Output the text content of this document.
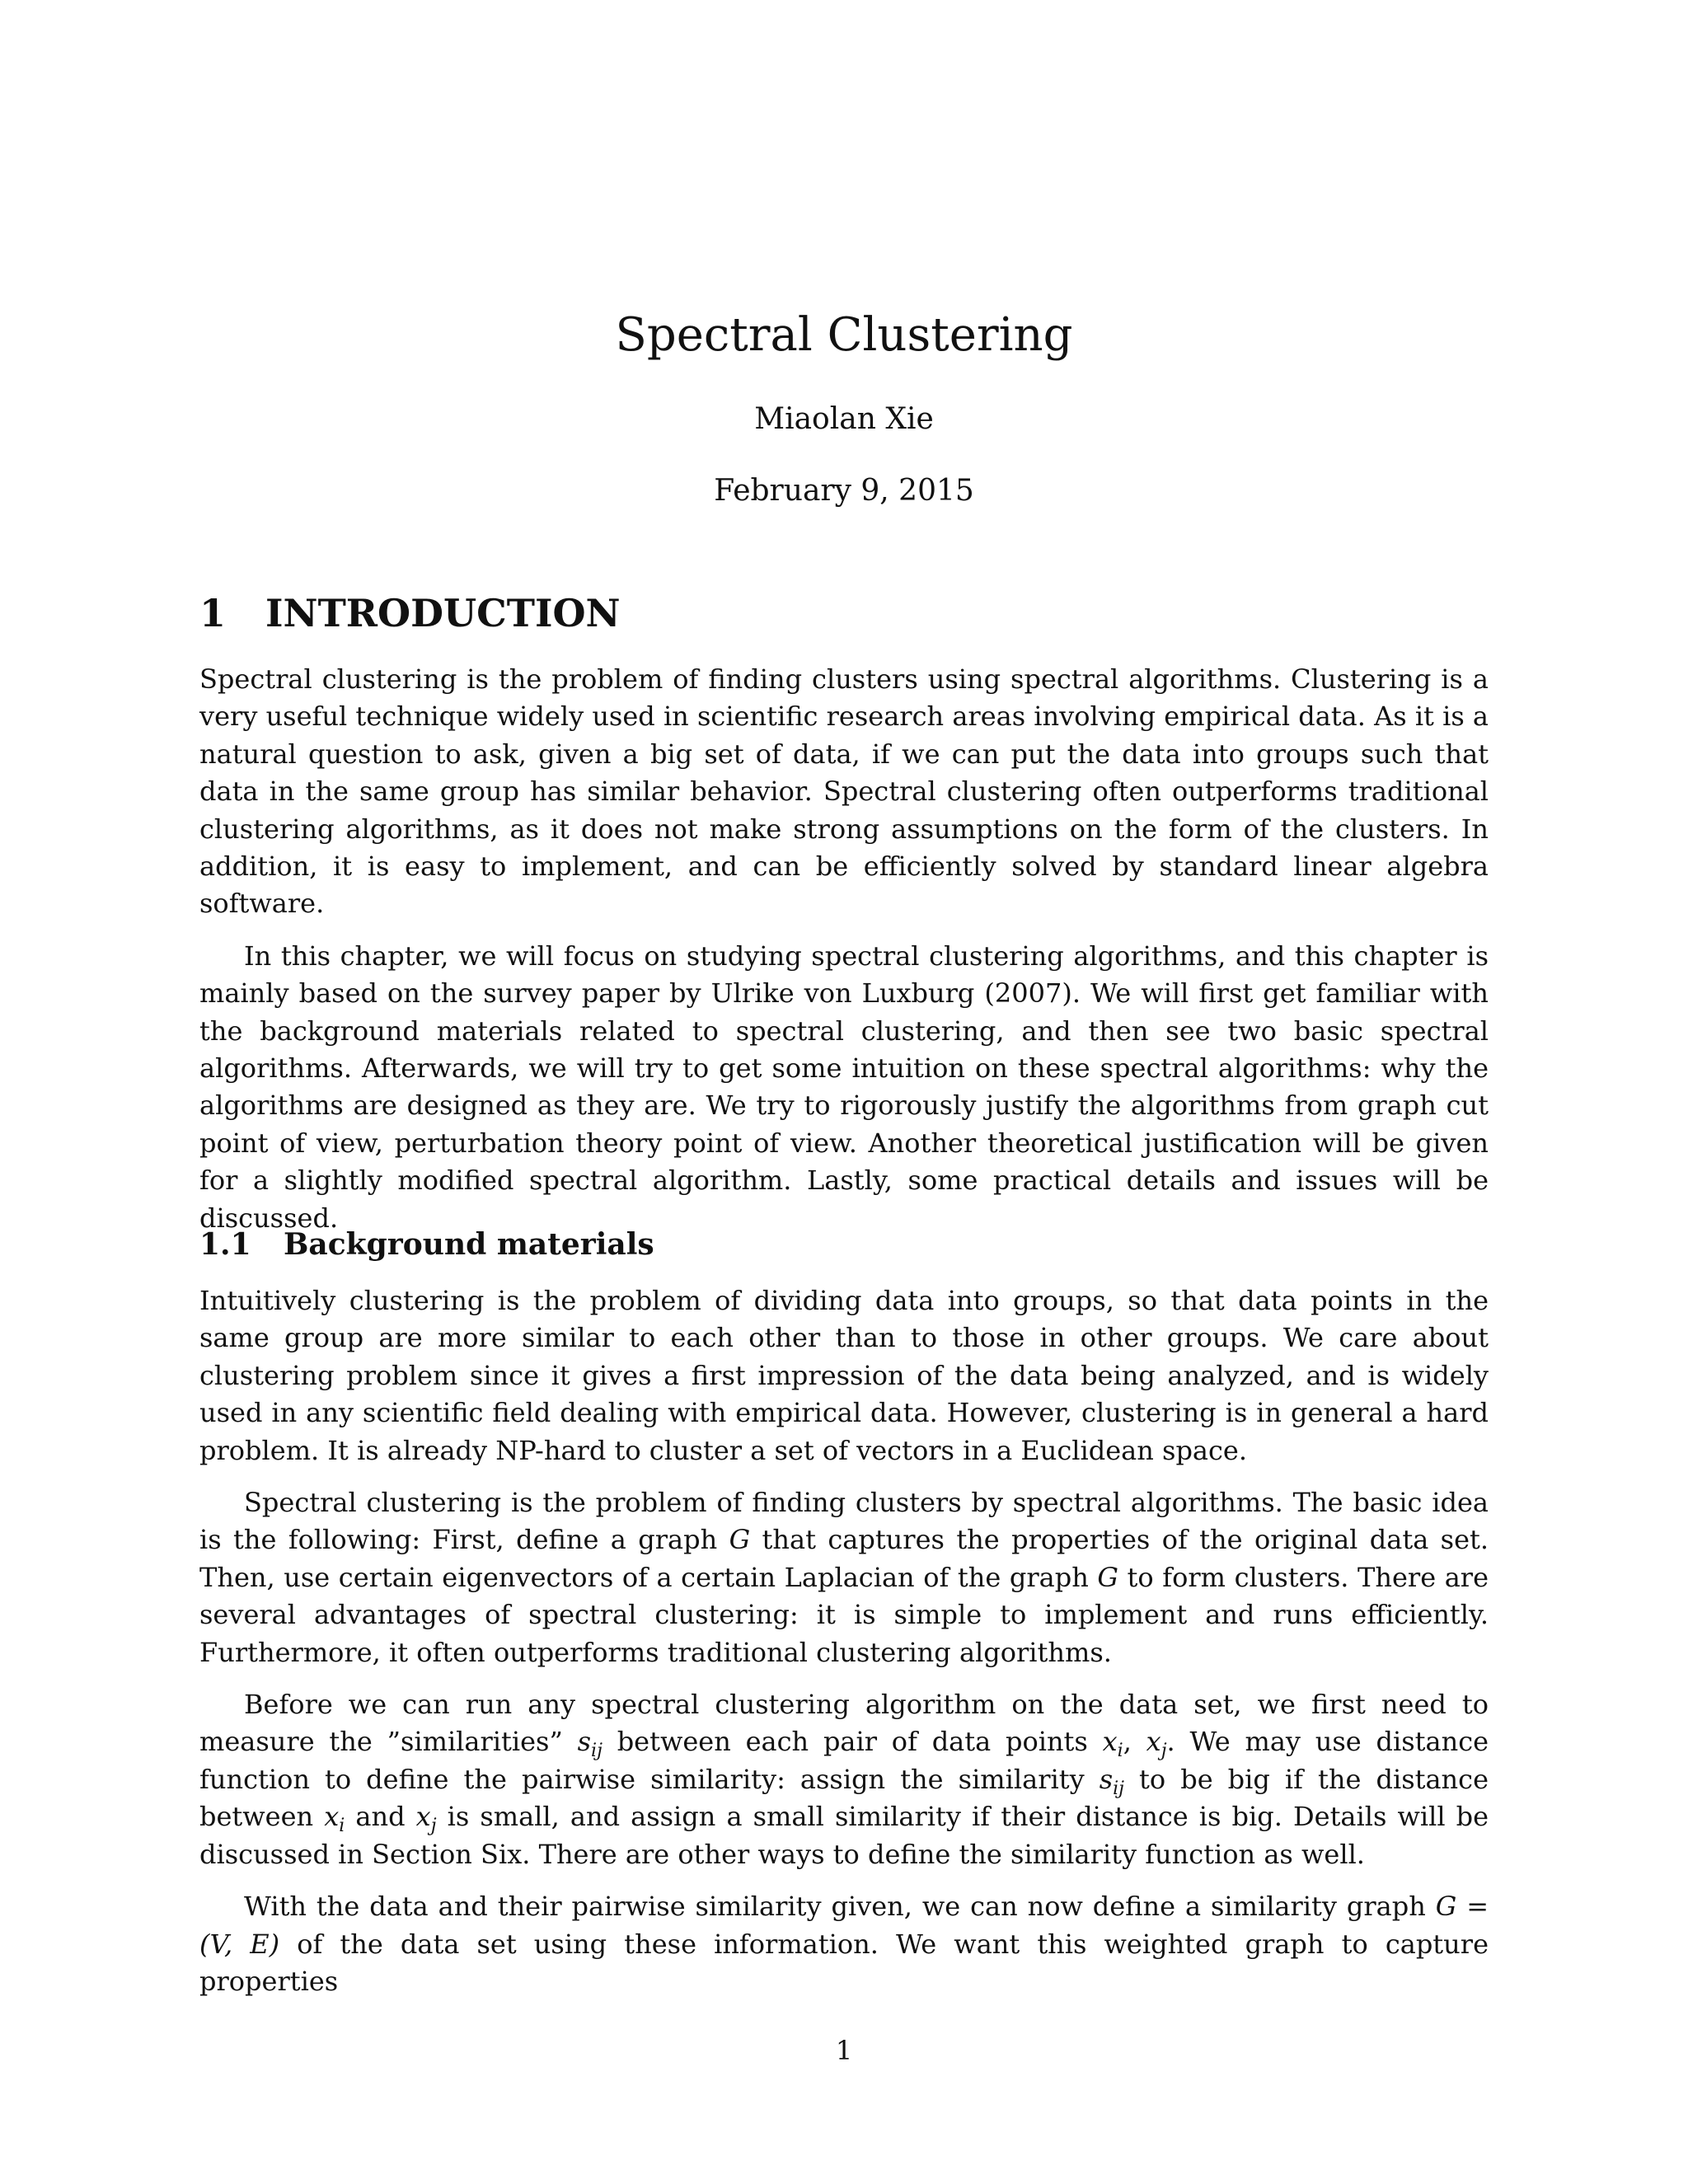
Spectral Clustering
Miaolan Xie
February 9, 2015
1 INTRODUCTION

Spectral clustering is the problem of finding clusters using spectral algorithms. Clustering is a very useful technique widely used in scientific research areas involving empirical data. As it is a natural question to ask, given a big set of data, if we can put the data into groups such that data in the same group has similar behavior. Spectral clustering often outperforms traditional clustering algorithms, as it does not make strong assumptions on the form of the clusters. In addition, it is easy to implement, and can be efficiently solved by standard linear algebra software.

In this chapter, we will focus on studying spectral clustering algorithms, and this chapter is mainly based on the survey paper by Ulrike von Luxburg (2007). We will first get familiar with the background materials related to spectral clustering, and then see two basic spectral algorithms. Afterwards, we will try to get some intuition on these spectral algorithms: why the algorithms are designed as they are. We try to rigorously justify the algorithms from graph cut point of view, perturbation theory point of view. Another theoretical justification will be given for a slightly modified spectral algorithm. Lastly, some practical details and issues will be discussed.

1.1 Background materials

Intuitively clustering is the problem of dividing data into groups, so that data points in the same group are more similar to each other than to those in other groups. We care about clustering problem since it gives a first impression of the data being analyzed, and is widely used in any scientific field dealing with empirical data. However, clustering is in general a hard problem. It is already NP-hard to cluster a set of vectors in a Euclidean space.

Spectral clustering is the problem of finding clusters by spectral algorithms. The basic idea is the following: First, define a graph G that captures the properties of the original data set. Then, use certain eigenvectors of a certain Laplacian of the graph G to form clusters. There are several advantages of spectral clustering: it is simple to implement and runs efficiently. Furthermore, it often outperforms traditional clustering algorithms.

Before we can run any spectral clustering algorithm on the data set, we first need to measure the ”similarities” $s_{ij}$ between each pair of data points $x_i$, $x_j$. We may use distance function to define the pairwise similarity: assign the similarity $s_{ij}$ to be big if the distance between $x_i$ and $x_j$ is small, and assign a small similarity if their distance is big. Details will be discussed in Section Six. There are other ways to define the similarity function as well.

With the data and their pairwise similarity given, we can now define a similarity graph G = (V, E) of the data set using these information. We want this weighted graph to capture properties

1
